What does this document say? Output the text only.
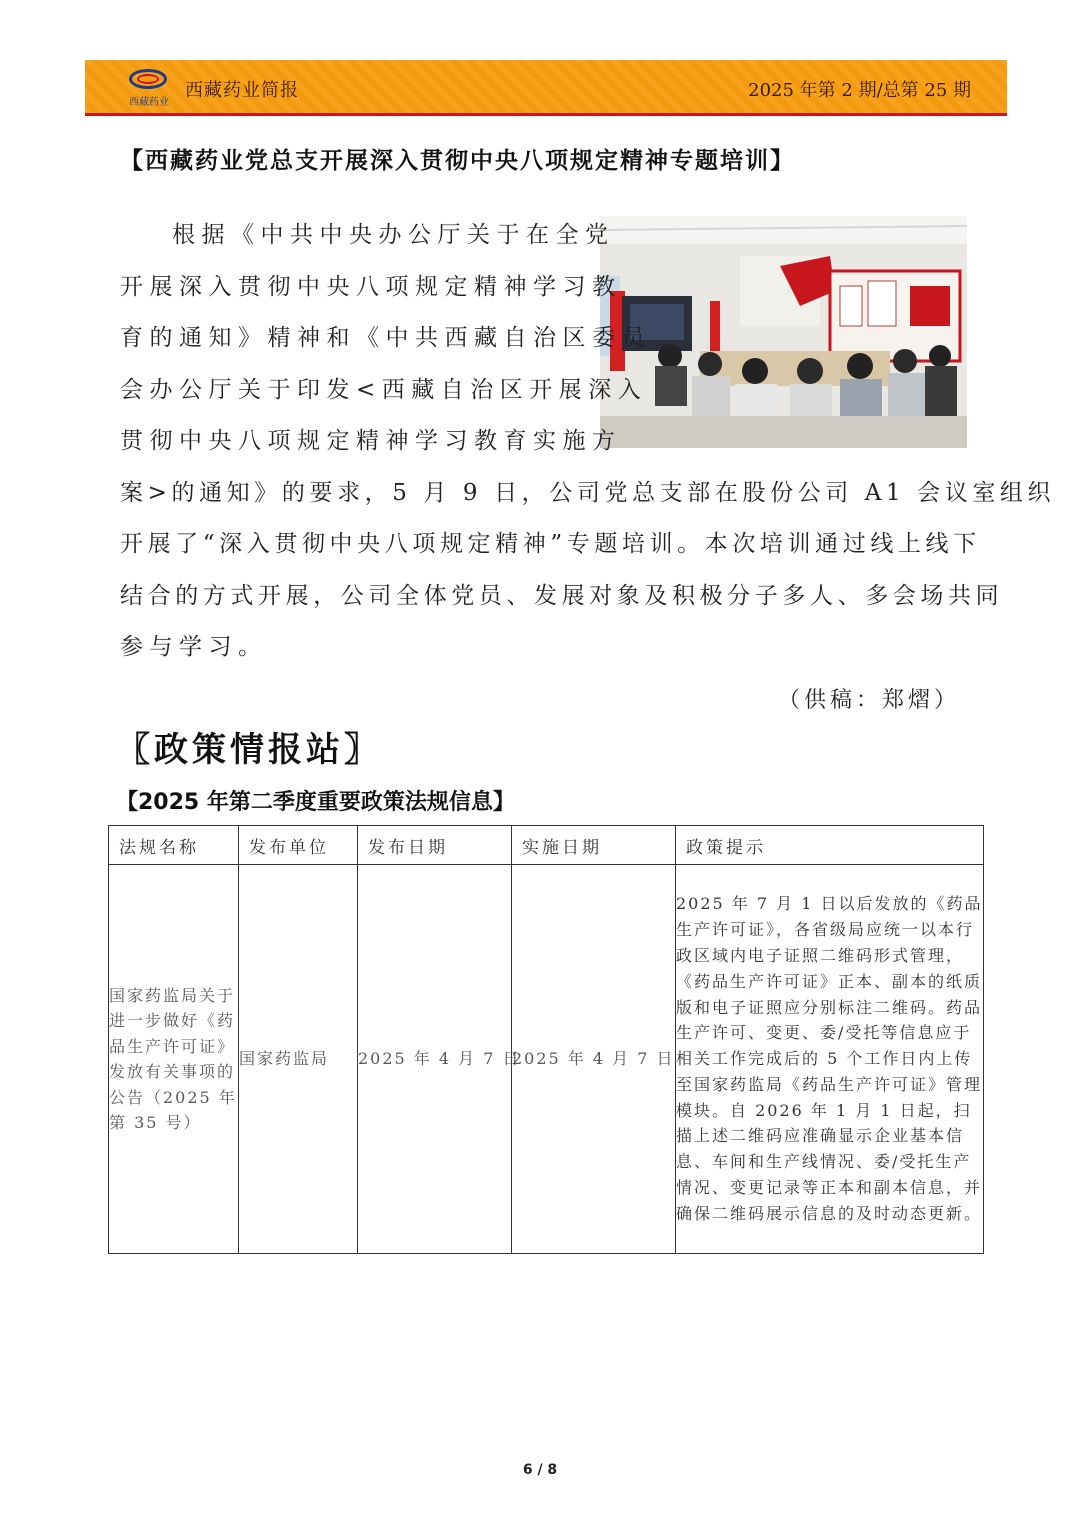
西藏药业
西藏药业简报	2025 年第 2 期/总第 25 期
【西藏药业党总支开展深入贯彻中央八项规定精神专题培训】
根据《中共中央办公厅关于在全党
开展深入贯彻中央八项规定精神学习教
育的通知》精神和《中共西藏自治区委员
会办公厅关于印发<西藏自治区开展深入
贯彻中央八项规定精神学习教育实施方
案>的通知》的要求，5 月 9 日，公司党总支部在股份公司 A1 会议室组织
开展了“深入贯彻中央八项规定精神”专题培训。本次培训通过线上线下
结合的方式开展，公司全体党员、发展对象及积极分子多人、多会场共同
参与学习。
（供稿：郑熠）
〖政策情报站〗
【2025 年第二季度重要政策法规信息】
法规名称	发布单位	发布日期	实施日期	政策提示
国家药监局关于进一步做好《药品生产许可证》发放有关事项的公告（2025 年第 35 号）	国家药监局	2025 年 4 月 7 日	2025 年 4 月 7 日	2025 年 7 月 1 日以后发放的《药品生产许可证》，各省级局应统一以本行政区域内电子证照二维码形式管理，《药品生产许可证》正本、副本的纸质版和电子证照应分别标注二维码。药品生产许可、变更、委/受托等信息应于相关工作完成后的 5 个工作日内上传至国家药监局《药品生产许可证》管理模块。自 2026 年 1 月 1 日起，扫描上述二维码应准确显示企业基本信息、车间和生产线情况、委/受托生产情况、变更记录等正本和副本信息，并确保二维码展示信息的及时动态更新。
6 / 8
